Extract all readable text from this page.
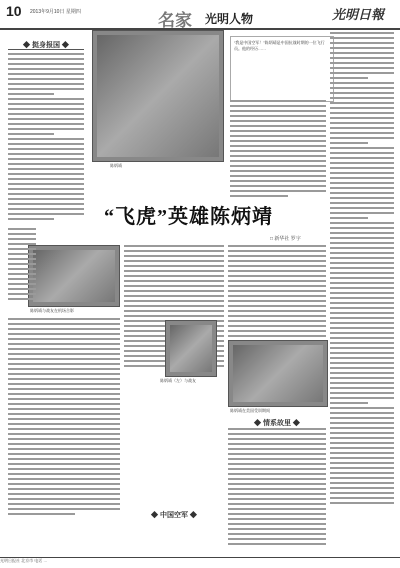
10 2013年9月10日 星期四	名家 光明人物	光明日報
◆ 挺身报国 ◆
陈炳靖
“我是中国空军！”陈炳靖是中国抗战时期的一位飞行员。他的经历……
“飞虎”英雄陈炳靖
□ 新华社 罗宇
陈炳靖与战友在机场合影
陈炳靖（左）与战友
◆ 中国空军 ◆
陈炳靖在美国受训期间
◆ 情系故里 ◆
光明日报社 北京市 电话 …
